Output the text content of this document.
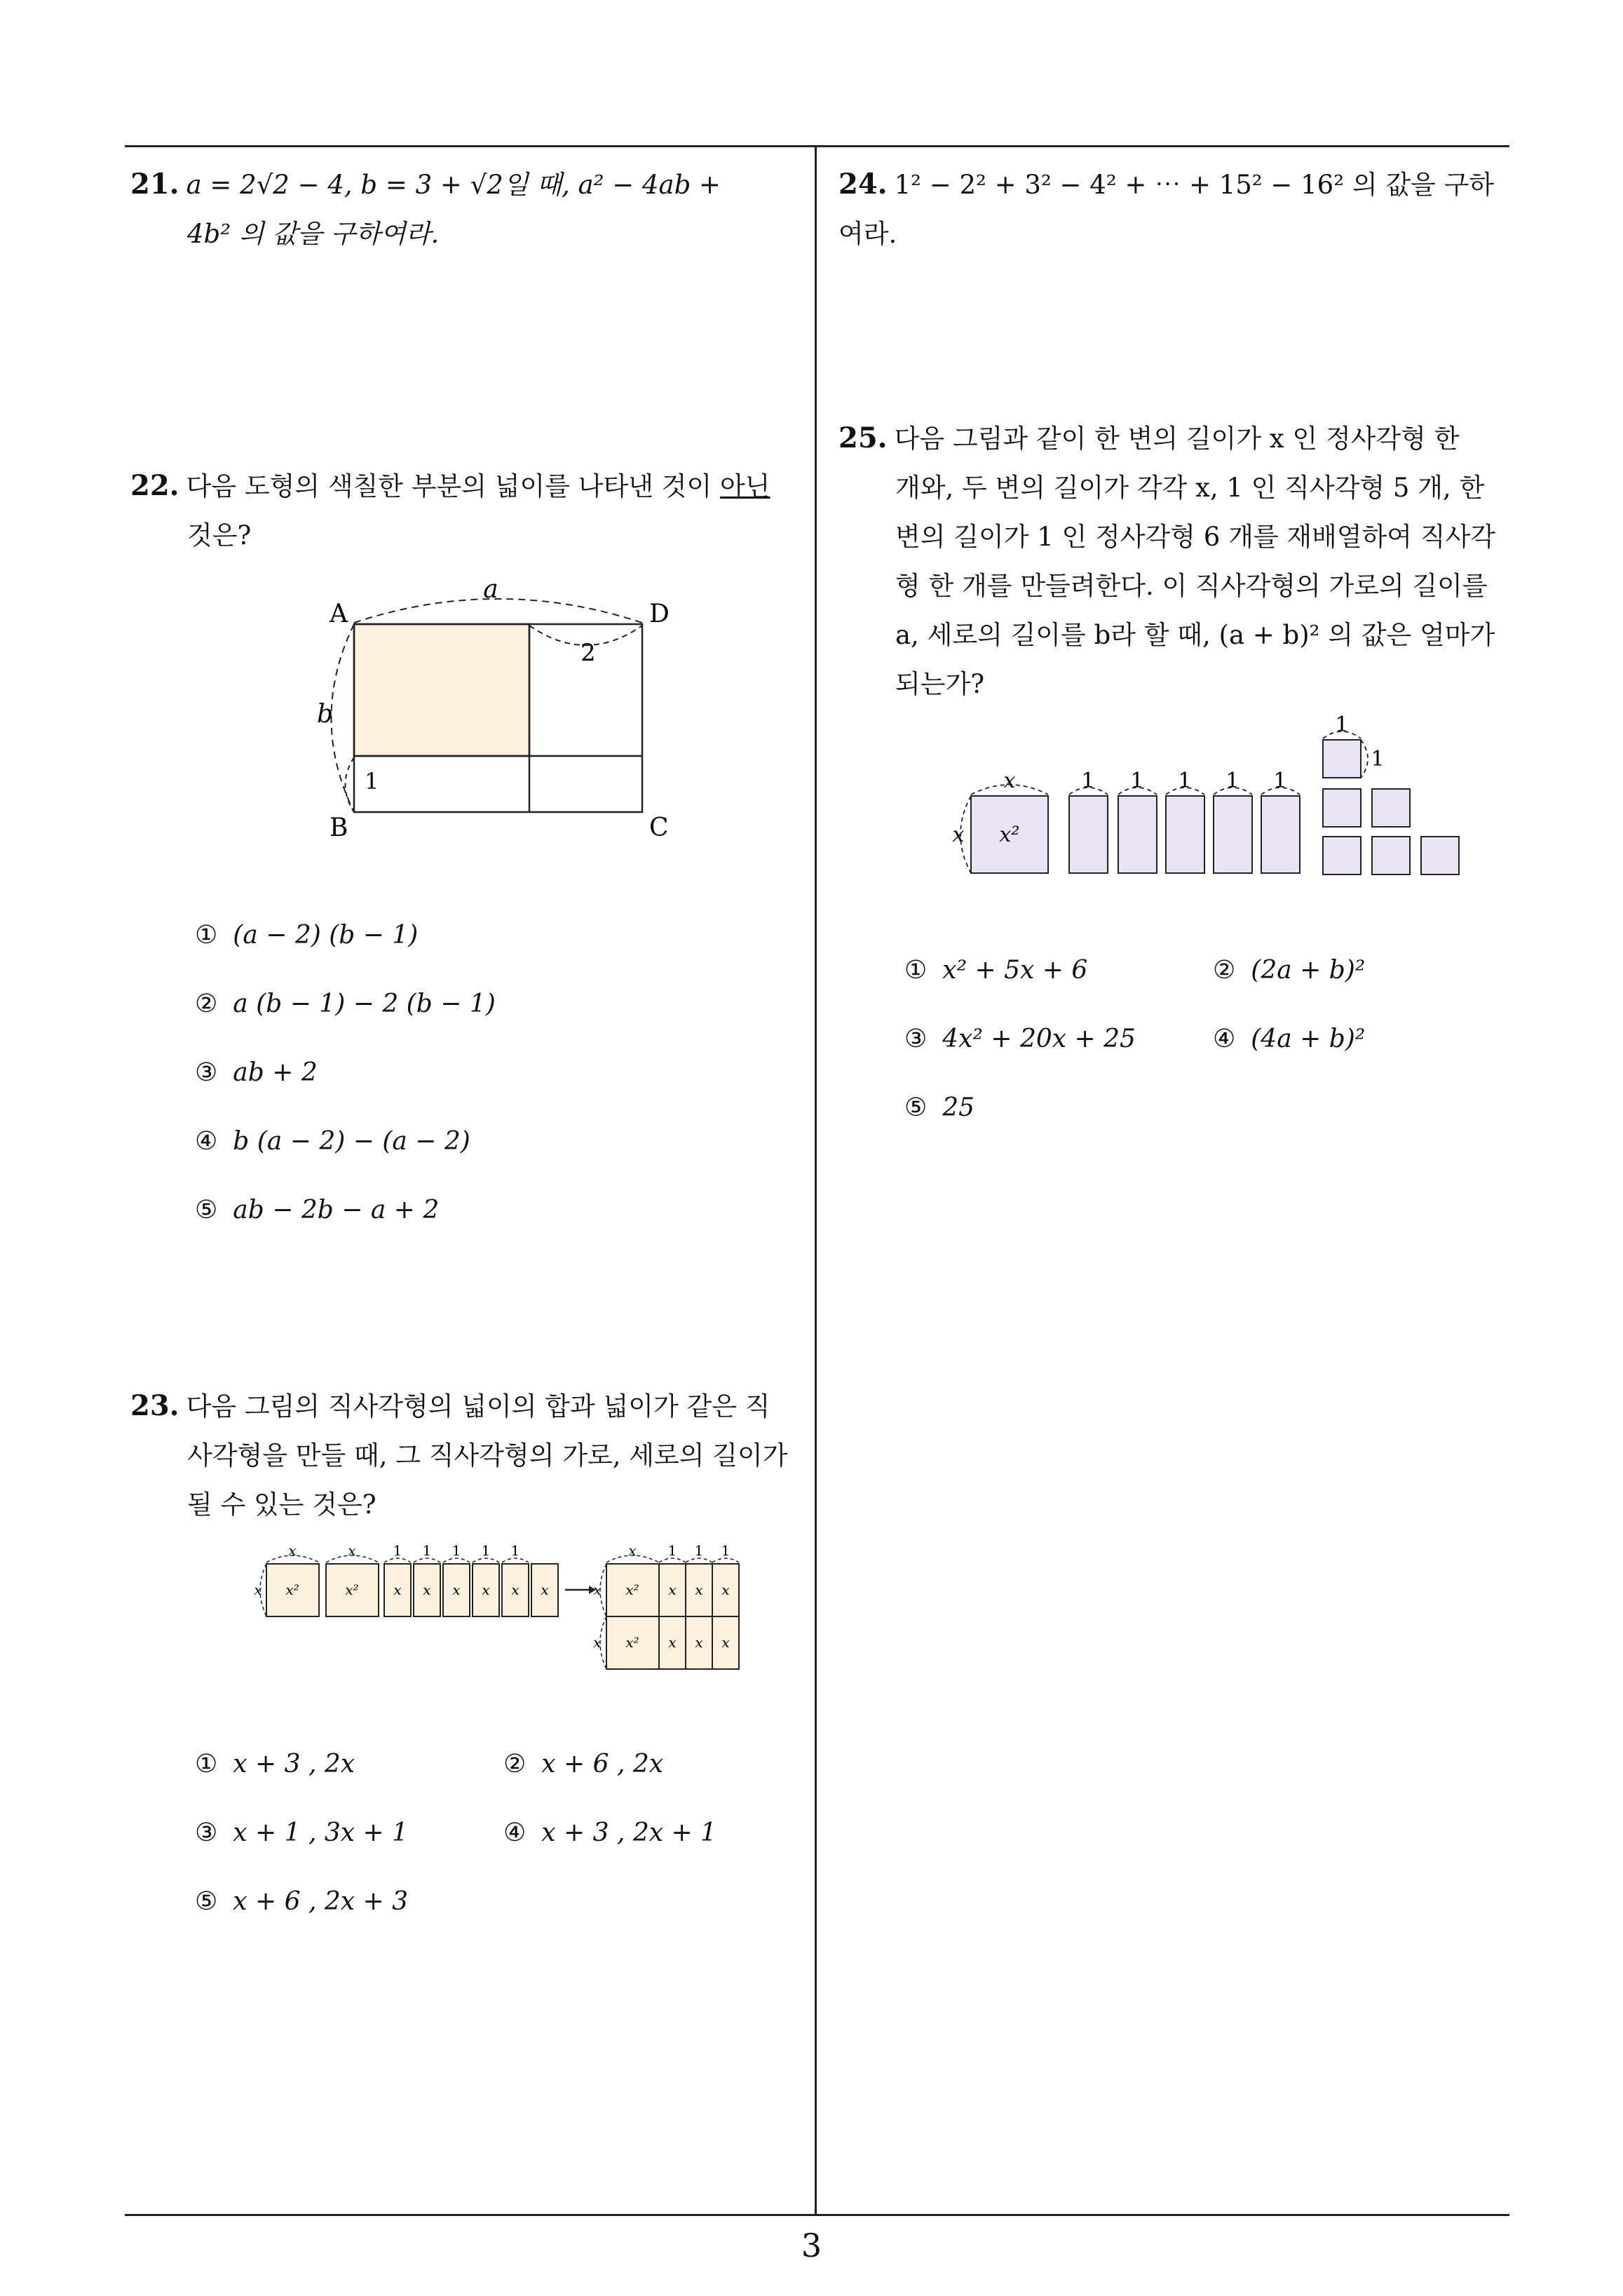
21. a = 2√2 − 4, b = 3 + √2일 때, a² − 4ab +
4b² 의 값을 구하여라.
22. 다음 도형의 색칠한 부분의 넓이를 나타낸 것이 아닌
것은?
a
A	D
2
b
1
B	C
① (a − 2) (b − 1)
② a (b − 1) − 2 (b − 1)
③ ab + 2
④ b (a − 2) − (a − 2)
⑤ ab − 2b − a + 2
23. 다음 그림의 직사각형의 넓이의 합과 넓이가 같은 직
사각형을 만들 때, 그 직사각형의 가로, 세로의 길이가
될 수 있는 것은?
x	x	1 1 1 1 1
x x²	x² x x x x x x
x 1 1 1
x
x
x²
x²
x x x
x x x
① x + 3 , 2x	② x + 6 , 2x
③ x + 1 , 3x + 1	④ x + 3 , 2x + 1
⑤ x + 6 , 2x + 3
24. 1² − 2² + 3² − 4² + ⋯ + 15² − 16² 의 값을 구하여라.
25. 다음 그림과 같이 한 변의 길이가 x 인 정사각형 한
개와, 두 변의 길이가 각각 x, 1 인 직사각형 5 개, 한
변의 길이가 1 인 정사각형 6 개를 재배열하여 직사각
형 한 개를 만들려한다. 이 직사각형의 가로의 길이를
a, 세로의 길이를 b라 할 때, (a + b)² 의 값은 얼마가
되는가?
x
x x²
1 1 1 1 1
1
1
① x² + 5x + 6	② (2a + b)²
③ 4x² + 20x + 25	④ (4a + b)²
⑤ 25
3
